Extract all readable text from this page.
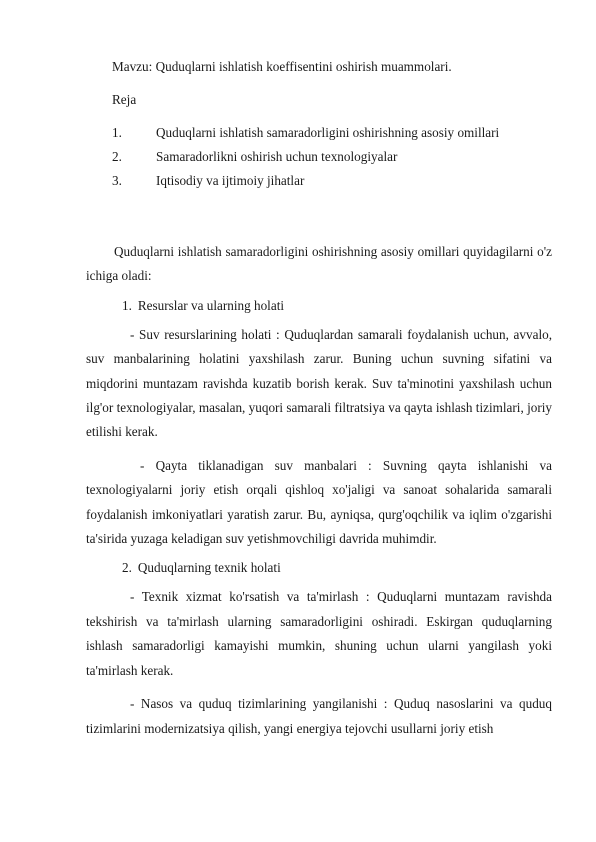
Mavzu: Quduqlarni ishlatish koeffisentini oshirish muammolari.

Reja

1.	Quduqlarni ishlatish samaradorligini oshirishning asosiy omillari
2.	Samaradorlikni oshirish uchun texnologiyalar
3.	Iqtisodiy va ijtimoiy jihatlar

Quduqlarni ishlatish samaradorligini oshirishning asosiy omillari quyidagilarni o'z ichiga oladi:

1. Resurslar va ularning holati

- Suv resurslarining holati : Quduqlardan samarali foydalanish uchun, avvalo, suv manbalarining holatini yaxshilash zarur. Buning uchun suvning sifatini va miqdorini muntazam ravishda kuzatib borish kerak. Suv ta'minotini yaxshilash uchun ilg'or texnologiyalar, masalan, yuqori samarali filtratsiya va qayta ishlash tizimlari, joriy etilishi kerak.

- Qayta tiklanadigan suv manbalari : Suvning qayta ishlanishi va texnologiyalarni joriy etish orqali qishloq xo'jaligi va sanoat sohalarida samarali foydalanish imkoniyatlari yaratish zarur. Bu, ayniqsa, qurg'oqchilik va iqlim o'zgarishi ta'sirida yuzaga keladigan suv yetishmovchiligi davrida muhimdir.

2. Quduqlarning texnik holati

- Texnik xizmat ko'rsatish va ta'mirlash : Quduqlarni muntazam ravishda tekshirish va ta'mirlash ularning samaradorligini oshiradi. Eskirgan quduqlarning ishlash samaradorligi kamayishi mumkin, shuning uchun ularni yangilash yoki ta'mirlash kerak.

- Nasos va quduq tizimlarining yangilanishi : Quduq nasoslarini va quduq tizimlarini modernizatsiya qilish, yangi energiya tejovchi usullarni joriy etish
